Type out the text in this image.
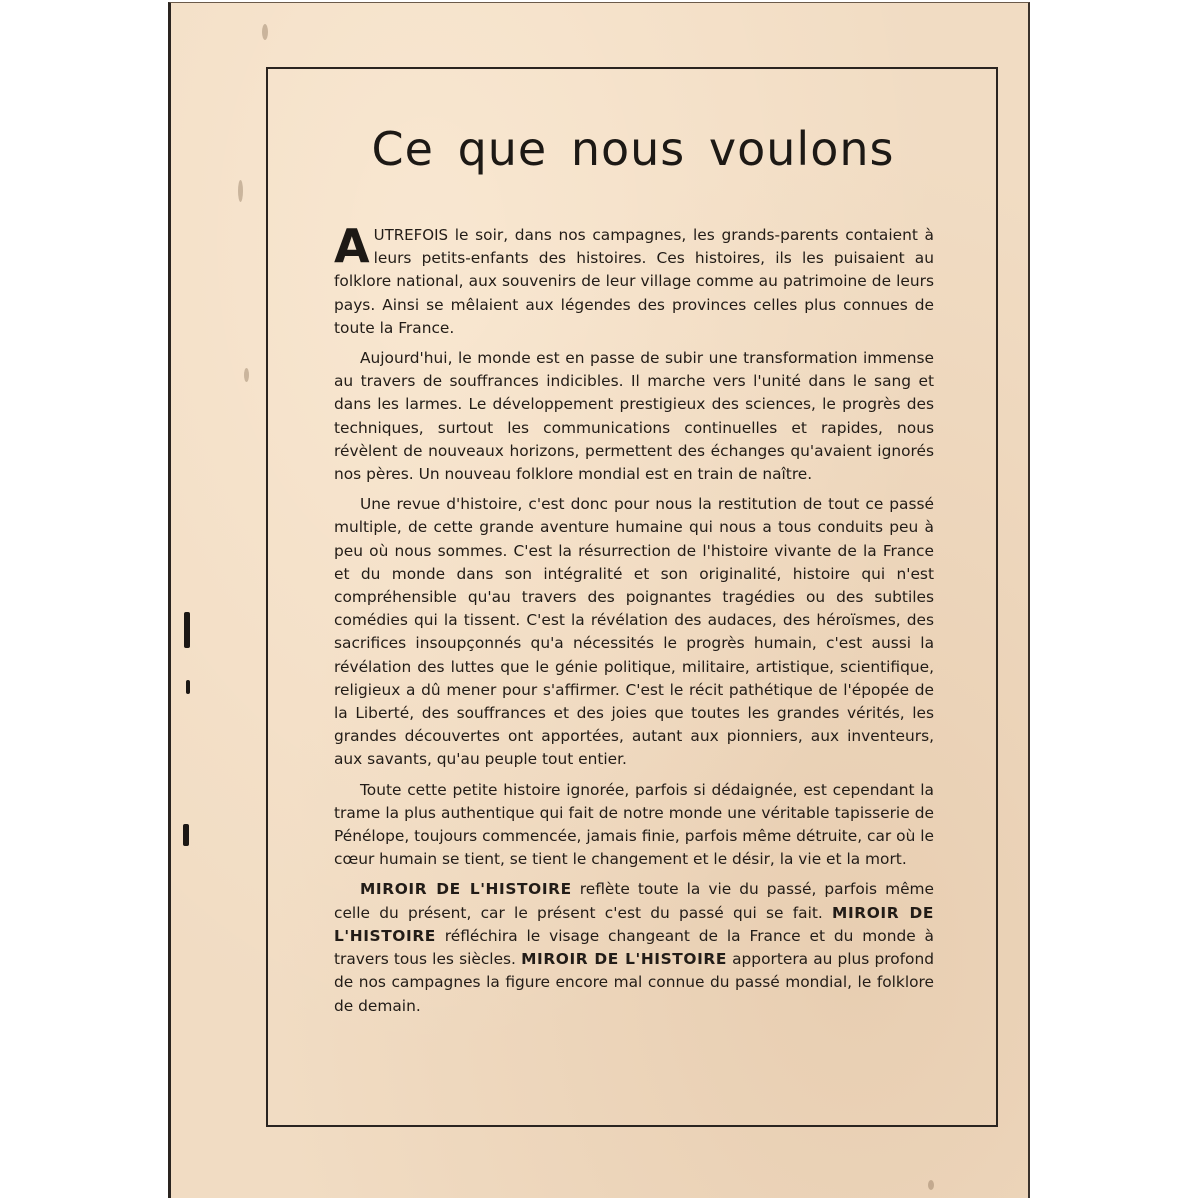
Ce que nous voulons

AUTREFOIS le soir, dans nos campagnes, les grands-parents contaient à leurs petits-enfants des histoires. Ces histoires, ils les puisaient au folklore national, aux souvenirs de leur village comme au patrimoine de leurs pays. Ainsi se mêlaient aux légendes des provinces celles plus connues de toute la France.

Aujourd'hui, le monde est en passe de subir une transformation immense au travers de souffrances indicibles. Il marche vers l'unité dans le sang et dans les larmes. Le développement prestigieux des sciences, le progrès des techniques, surtout les communications continuelles et rapides, nous révèlent de nouveaux horizons, permettent des échanges qu'avaient ignorés nos pères. Un nouveau folklore mondial est en train de naître.

Une revue d'histoire, c'est donc pour nous la restitution de tout ce passé multiple, de cette grande aventure humaine qui nous a tous conduits peu à peu où nous sommes. C'est la résurrection de l'histoire vivante de la France et du monde dans son intégralité et son originalité, histoire qui n'est compréhensible qu'au travers des poignantes tragédies ou des subtiles comédies qui la tissent. C'est la révélation des audaces, des héroïsmes, des sacrifices insoupçonnés qu'a nécessités le progrès humain, c'est aussi la révélation des luttes que le génie politique, militaire, artistique, scientifique, religieux a dû mener pour s'affirmer. C'est le récit pathétique de l'épopée de la Liberté, des souffrances et des joies que toutes les grandes vérités, les grandes découvertes ont apportées, autant aux pionniers, aux inventeurs, aux savants, qu'au peuple tout entier.

Toute cette petite histoire ignorée, parfois si dédaignée, est cependant la trame la plus authentique qui fait de notre monde une véritable tapisserie de Pénélope, toujours commencée, jamais finie, parfois même détruite, car où le cœur humain se tient, se tient le changement et le désir, la vie et la mort.

MIROIR DE L'HISTOIRE reflète toute la vie du passé, parfois même celle du présent, car le présent c'est du passé qui se fait. MIROIR DE L'HISTOIRE réfléchira le visage changeant de la France et du monde à travers tous les siècles. MIROIR DE L'HISTOIRE apportera au plus profond de nos campagnes la figure encore mal connue du passé mondial, le folklore de demain.
